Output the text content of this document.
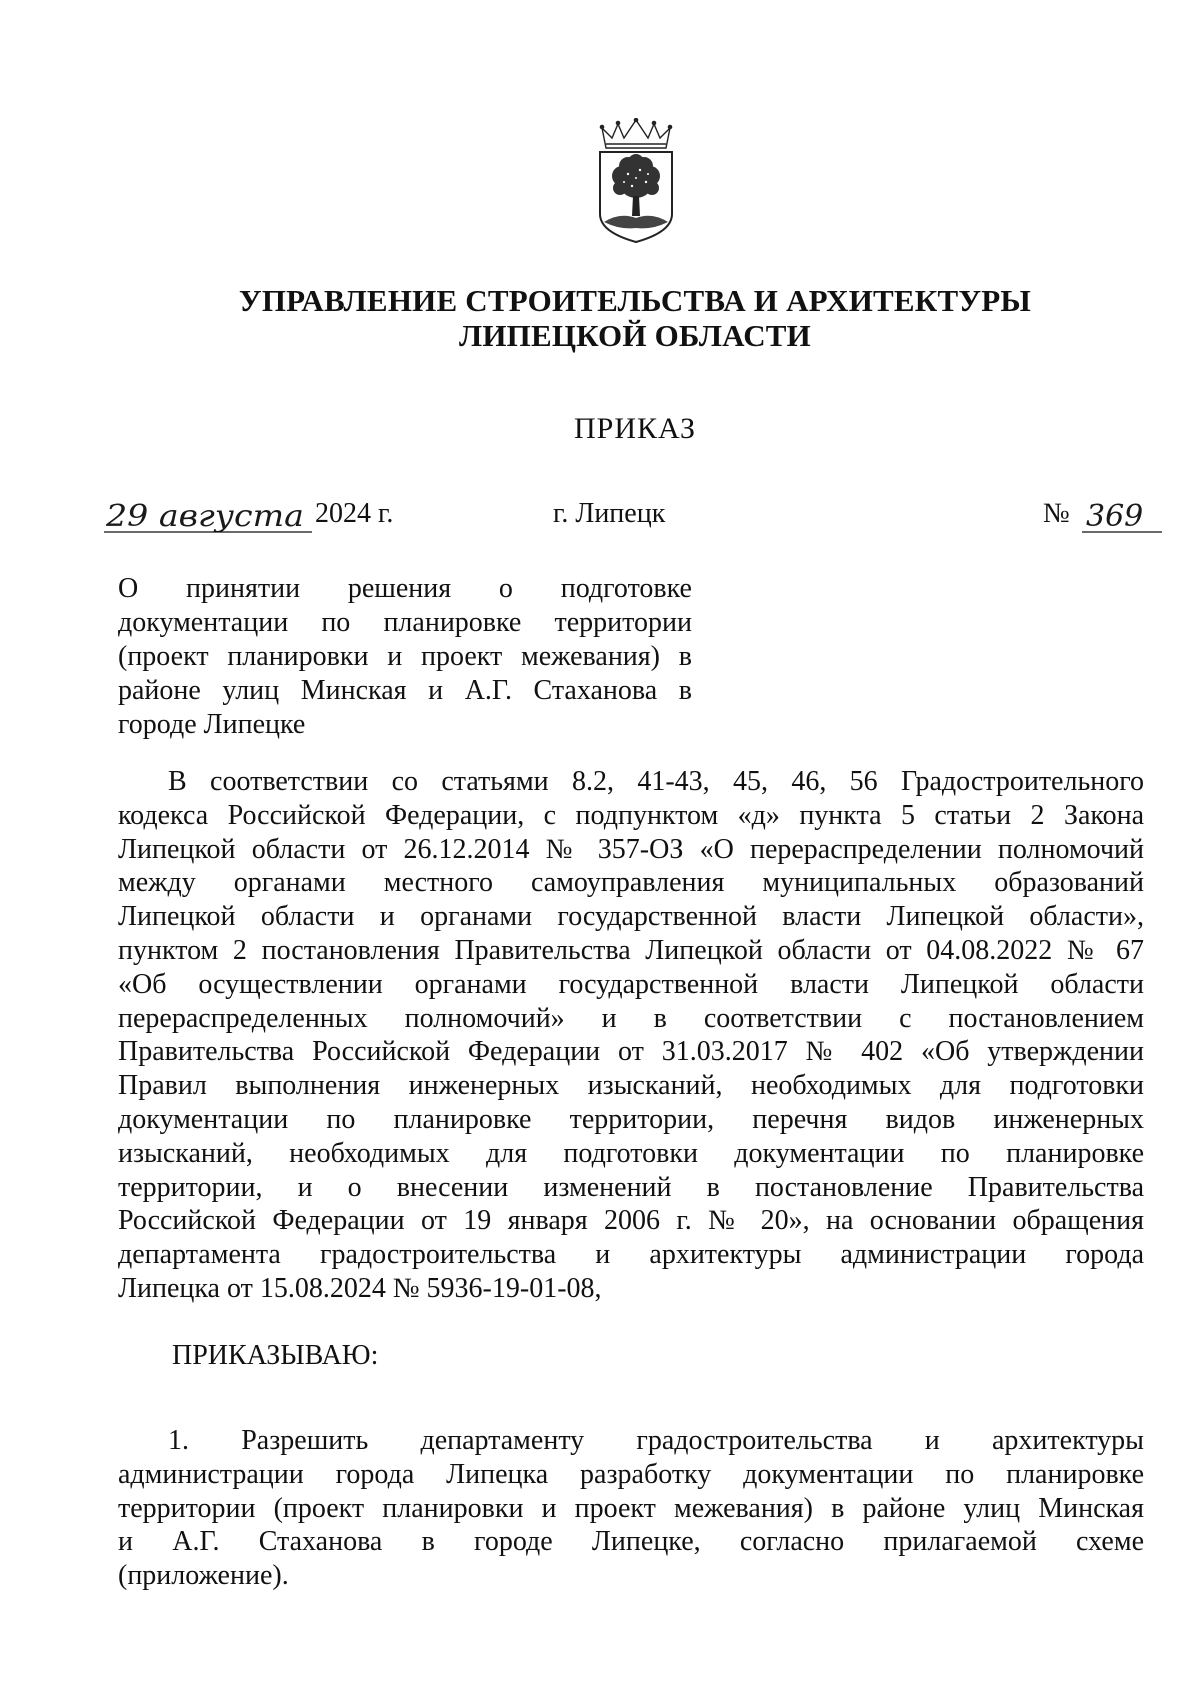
УПРАВЛЕНИЕ СТРОИТЕЛЬСТВА И АРХИТЕКТУРЫ
ЛИПЕЦКОЙ ОБЛАСТИ
ПРИКАЗ
29 августа 2024 г.	г. Липецк	№ 369
О принятии решения о подготовке
документации по планировке территории
(проект планировки и проект межевания) в
районе улиц Минская и А.Г. Стаханова в
городе Липецке
В соответствии со статьями 8.2, 41-43, 45, 46, 56 Градостроительного
кодекса Российской Федерации, с подпунктом «д» пункта 5 статьи 2 Закона
Липецкой области от 26.12.2014 № 357-ОЗ «О перераспределении полномочий
между органами местного самоуправления муниципальных образований
Липецкой области и органами государственной власти Липецкой области»,
пунктом 2 постановления Правительства Липецкой области от 04.08.2022 № 67
«Об осуществлении органами государственной власти Липецкой области
перераспределенных полномочий» и в соответствии с постановлением
Правительства Российской Федерации от 31.03.2017 № 402 «Об утверждении
Правил выполнения инженерных изысканий, необходимых для подготовки
документации по планировке территории, перечня видов инженерных
изысканий, необходимых для подготовки документации по планировке
территории, и о внесении изменений в постановление Правительства
Российской Федерации от 19 января 2006 г. № 20», на основании обращения
департамента градостроительства и архитектуры администрации города
Липецка от 15.08.2024 № 5936-19-01-08,
ПРИКАЗЫВАЮ:
1. Разрешить департаменту градостроительства и архитектуры
администрации города Липецка разработку документации по планировке
территории (проект планировки и проект межевания) в районе улиц Минская
и А.Г. Стаханова в городе Липецке, согласно прилагаемой схеме
(приложение).
